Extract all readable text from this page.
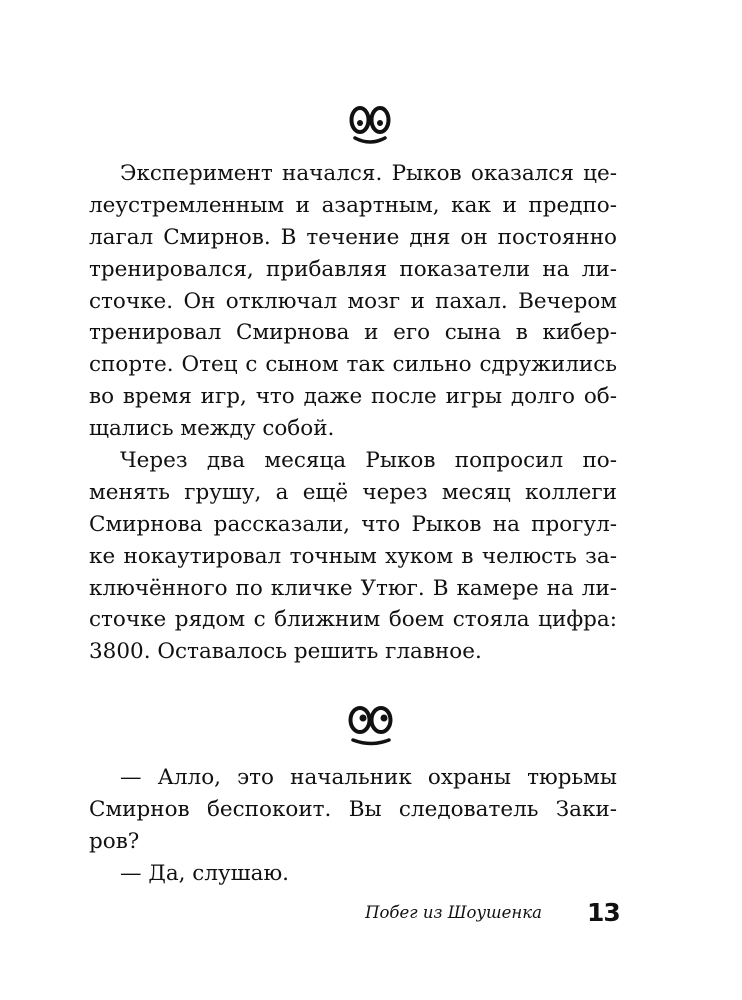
Эксперимент начался. Рыков оказался це-
леустремленным и азартным, как и предпо-
лагал Смирнов. В течение дня он постоянно
тренировался, прибавляя показатели на ли-
сточке. Он отключал мозг и пахал. Вечером
тренировал Смирнова и его сына в кибер-
спорте. Отец с сыном так сильно сдружились
во время игр, что даже после игры долго об-
щались между собой.
Через два месяца Рыков попросил по-
менять грушу, а ещё через месяц коллеги
Смирнова рассказали, что Рыков на прогул-
ке нокаутировал точным хуком в челюсть за-
ключённого по кличке Утюг. В камере на ли-
сточке рядом с ближним боем стояла цифра:
3800. Оставалось решить главное.
— Алло, это начальник охраны тюрьмы
Смирнов беспокоит. Вы следователь Заки-
ров?
— Да, слушаю.
Побег из Шоушенка 13
